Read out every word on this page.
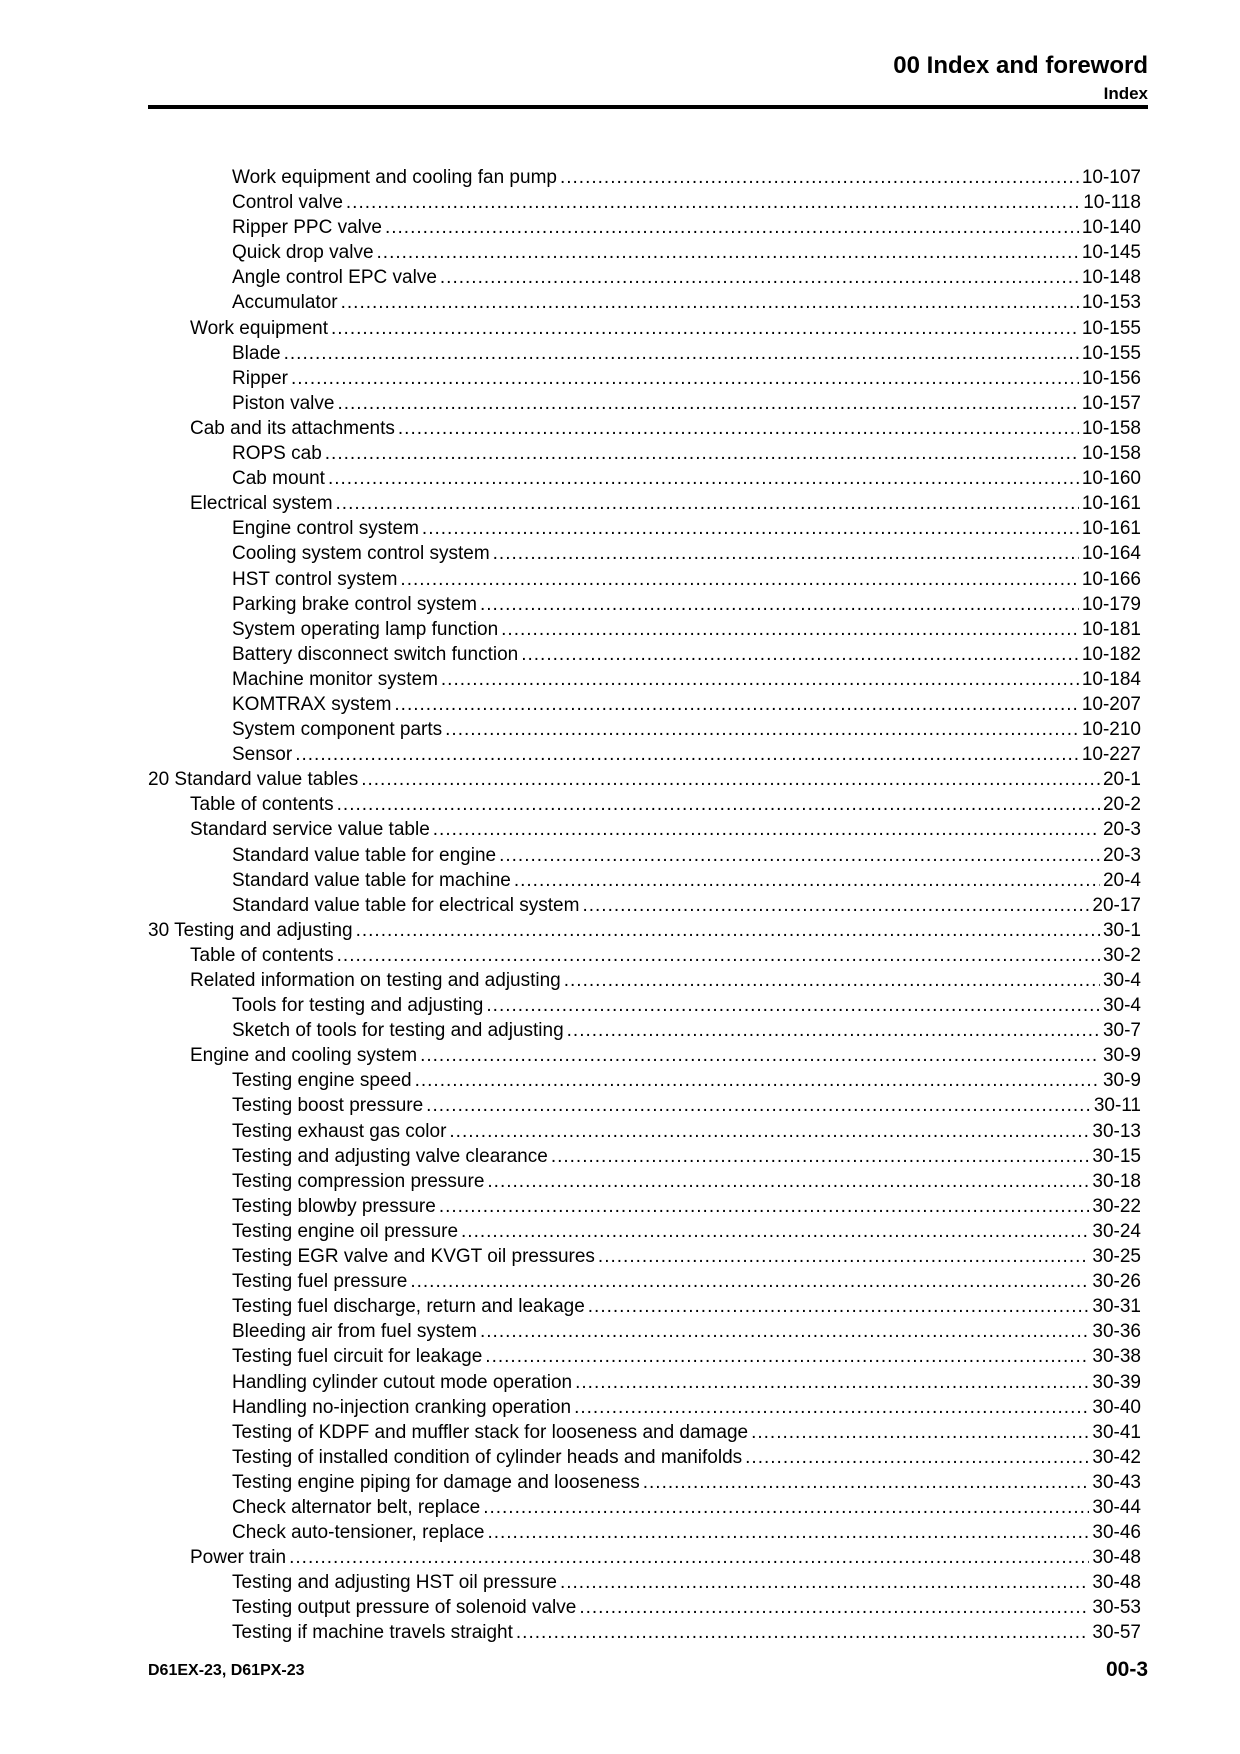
00 Index and foreword
Index
Work equipment and cooling fan pump .....	10-107
Control valve .....	10-118
Ripper PPC valve .....	10-140
Quick drop valve .....	10-145
Angle control EPC valve .....	10-148
Accumulator .....	10-153
Work equipment .....	10-155
Blade .....	10-155
Ripper .....	10-156
Piston valve .....	10-157
Cab and its attachments .....	10-158
ROPS cab .....	10-158
Cab mount .....	10-160
Electrical system .....	10-161
Engine control system .....	10-161
Cooling system control system .....	10-164
HST control system .....	10-166
Parking brake control system .....	10-179
System operating lamp function .....	10-181
Battery disconnect switch function .....	10-182
Machine monitor system .....	10-184
KOMTRAX system .....	10-207
System component parts .....	10-210
Sensor .....	10-227
20 Standard value tables .....	20-1
Table of contents .....	20-2
Standard service value table .....	20-3
Standard value table for engine .....	20-3
Standard value table for machine .....	20-4
Standard value table for electrical system .....	20-17
30 Testing and adjusting .....	30-1
Table of contents .....	30-2
Related information on testing and adjusting .....	30-4
Tools for testing and adjusting .....	30-4
Sketch of tools for testing and adjusting .....	30-7
Engine and cooling system .....	30-9
Testing engine speed .....	30-9
Testing boost pressure .....	30-11
Testing exhaust gas color .....	30-13
Testing and adjusting valve clearance .....	30-15
Testing compression pressure .....	30-18
Testing blowby pressure .....	30-22
Testing engine oil pressure .....	30-24
Testing EGR valve and KVGT oil pressures .....	30-25
Testing fuel pressure .....	30-26
Testing fuel discharge, return and leakage .....	30-31
Bleeding air from fuel system .....	30-36
Testing fuel circuit for leakage .....	30-38
Handling cylinder cutout mode operation .....	30-39
Handling no-injection cranking operation .....	30-40
Testing of KDPF and muffler stack for looseness and damage .....	30-41
Testing of installed condition of cylinder heads and manifolds .....	30-42
Testing engine piping for damage and looseness .....	30-43
Check alternator belt, replace .....	30-44
Check auto-tensioner, replace .....	30-46
Power train .....	30-48
Testing and adjusting HST oil pressure .....	30-48
Testing output pressure of solenoid valve .....	30-53
Testing if machine travels straight .....	30-57
D61EX-23, D61PX-23	00-3
